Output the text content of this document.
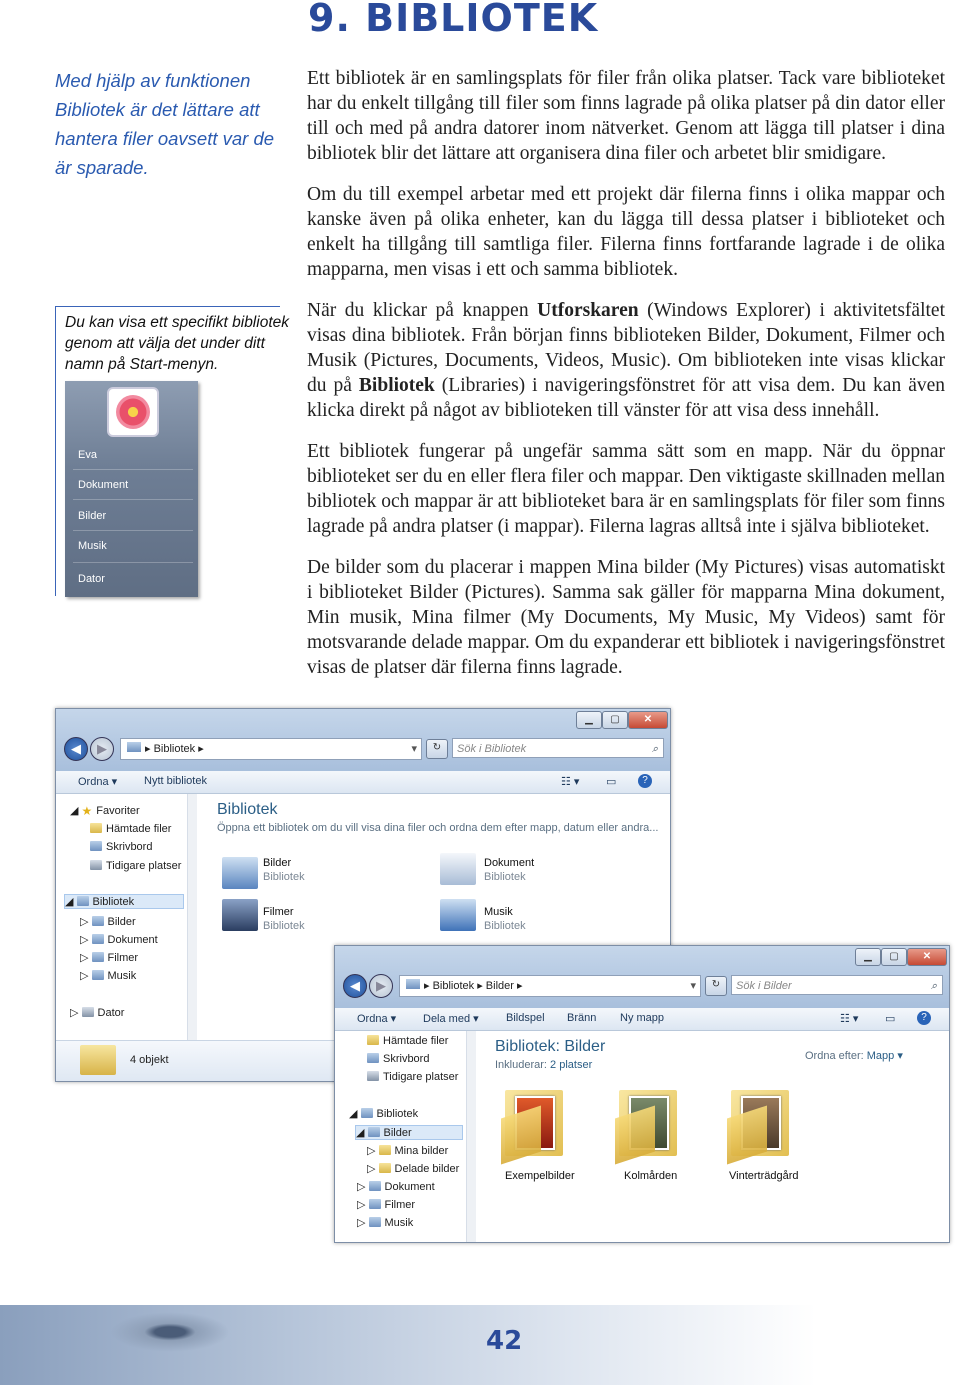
9. BIBLIOTEK
Med hjälp av funktionen Bibliotek är det lättare att hantera filer oavsett var de är sparade.
Du kan visa ett specifikt bibliotek genom att välja det under ditt namn på Start-menyn.
Eva
Dokument
Bilder
Musik
Dator

Ett bibliotek är en samlingsplats för filer från olika platser. Tack vare biblioteket har du enkelt tillgång till filer som finns lagrade på olika platser på din dator eller till och med på andra datorer inom nätverket. Genom att lägga till platser i dina bibliotek blir det lättare att organisera dina filer och arbetet blir smidigare.

Om du till exempel arbetar med ett projekt där filerna finns i olika mappar och kanske även på olika enheter, kan du lägga till dessa platser i biblioteket och enkelt ha tillgång till samtliga filer. Filerna finns fortfarande lagrade i de olika mapparna, men visas i ett och samma bibliotek.

När du klickar på knappen Utforskaren (Windows Explorer) i aktivitetsfältet visas dina bibliotek. Från början finns biblioteken Bilder, Dokument, Filmer och Musik (Pictures, Documents, Videos, Music). Om biblioteken inte visas klickar du på Bibliotek (Libraries) i navigeringsfönstret för att visa dem. Du kan även klicka direkt på något av biblioteken till vänster för att visa dess innehåll.

Ett bibliotek fungerar på ungefär samma sätt som en mapp. När du öppnar biblioteket ser du en eller flera filer och mappar. Den viktigaste skillnaden mellan bibliotek och mappar är att biblioteket bara är en samlingsplats för filer som finns lagrade på andra platser (i mappar). Filerna lagras alltså inte i själva biblioteket.

De bilder som du placerar i mappen Mina bilder (My Pictures) visas automatiskt i biblioteket Bilder (Pictures). Samma sak gäller för mapparna Mina dokument, Min musik, Mina filmer (My Documents, My Music, My Videos) samt för motsvarande delade mappar. Om du expanderar ett bibliotek i navigeringsfönstret visas de platser där filerna finns lagrade.

▁	▢	✕
◀	▶	▸ Bibliotek ▸	▾	↻	Sök i Bibliotek	⌕
Ordna ▾ Nytt bibliotek	☷ ▾ ▭	?
◢ ★ Favoriter
Hämtade filer
Skrivbord
Tidigare platser
◢ Bibliotek
▷ Bilder
▷ Dokument
▷ Filmer
▷ Musik
▷ Dator
Bibliotek
Öppna ett bibliotek om du vill visa dina filer och ordna dem efter mapp, datum eller andra...
Bilder
Bibliotek
Dokument
Bibliotek
Filmer
Bibliotek
Musik
Bibliotek
4 objekt
▁	▢	✕
◀	▶	▸ Bibliotek ▸ Bilder ▸	▾	↻	Sök i Bilder	⌕
Ordna ▾ Dela med ▾ Bildspel Bränn Ny mapp	☷ ▾ ▭	?
Hämtade filer
Skrivbord
Tidigare platser
◢ Bibliotek
◢ Bilder
▷ Mina bilder
▷ Delade bilder
▷ Dokument
▷ Filmer
▷ Musik
Bibliotek: Bilder
Inkluderar: 2 platser
Ordna efter: Mapp ▾
Exempelbilder	Kolmården	Vinterträdgård
42
